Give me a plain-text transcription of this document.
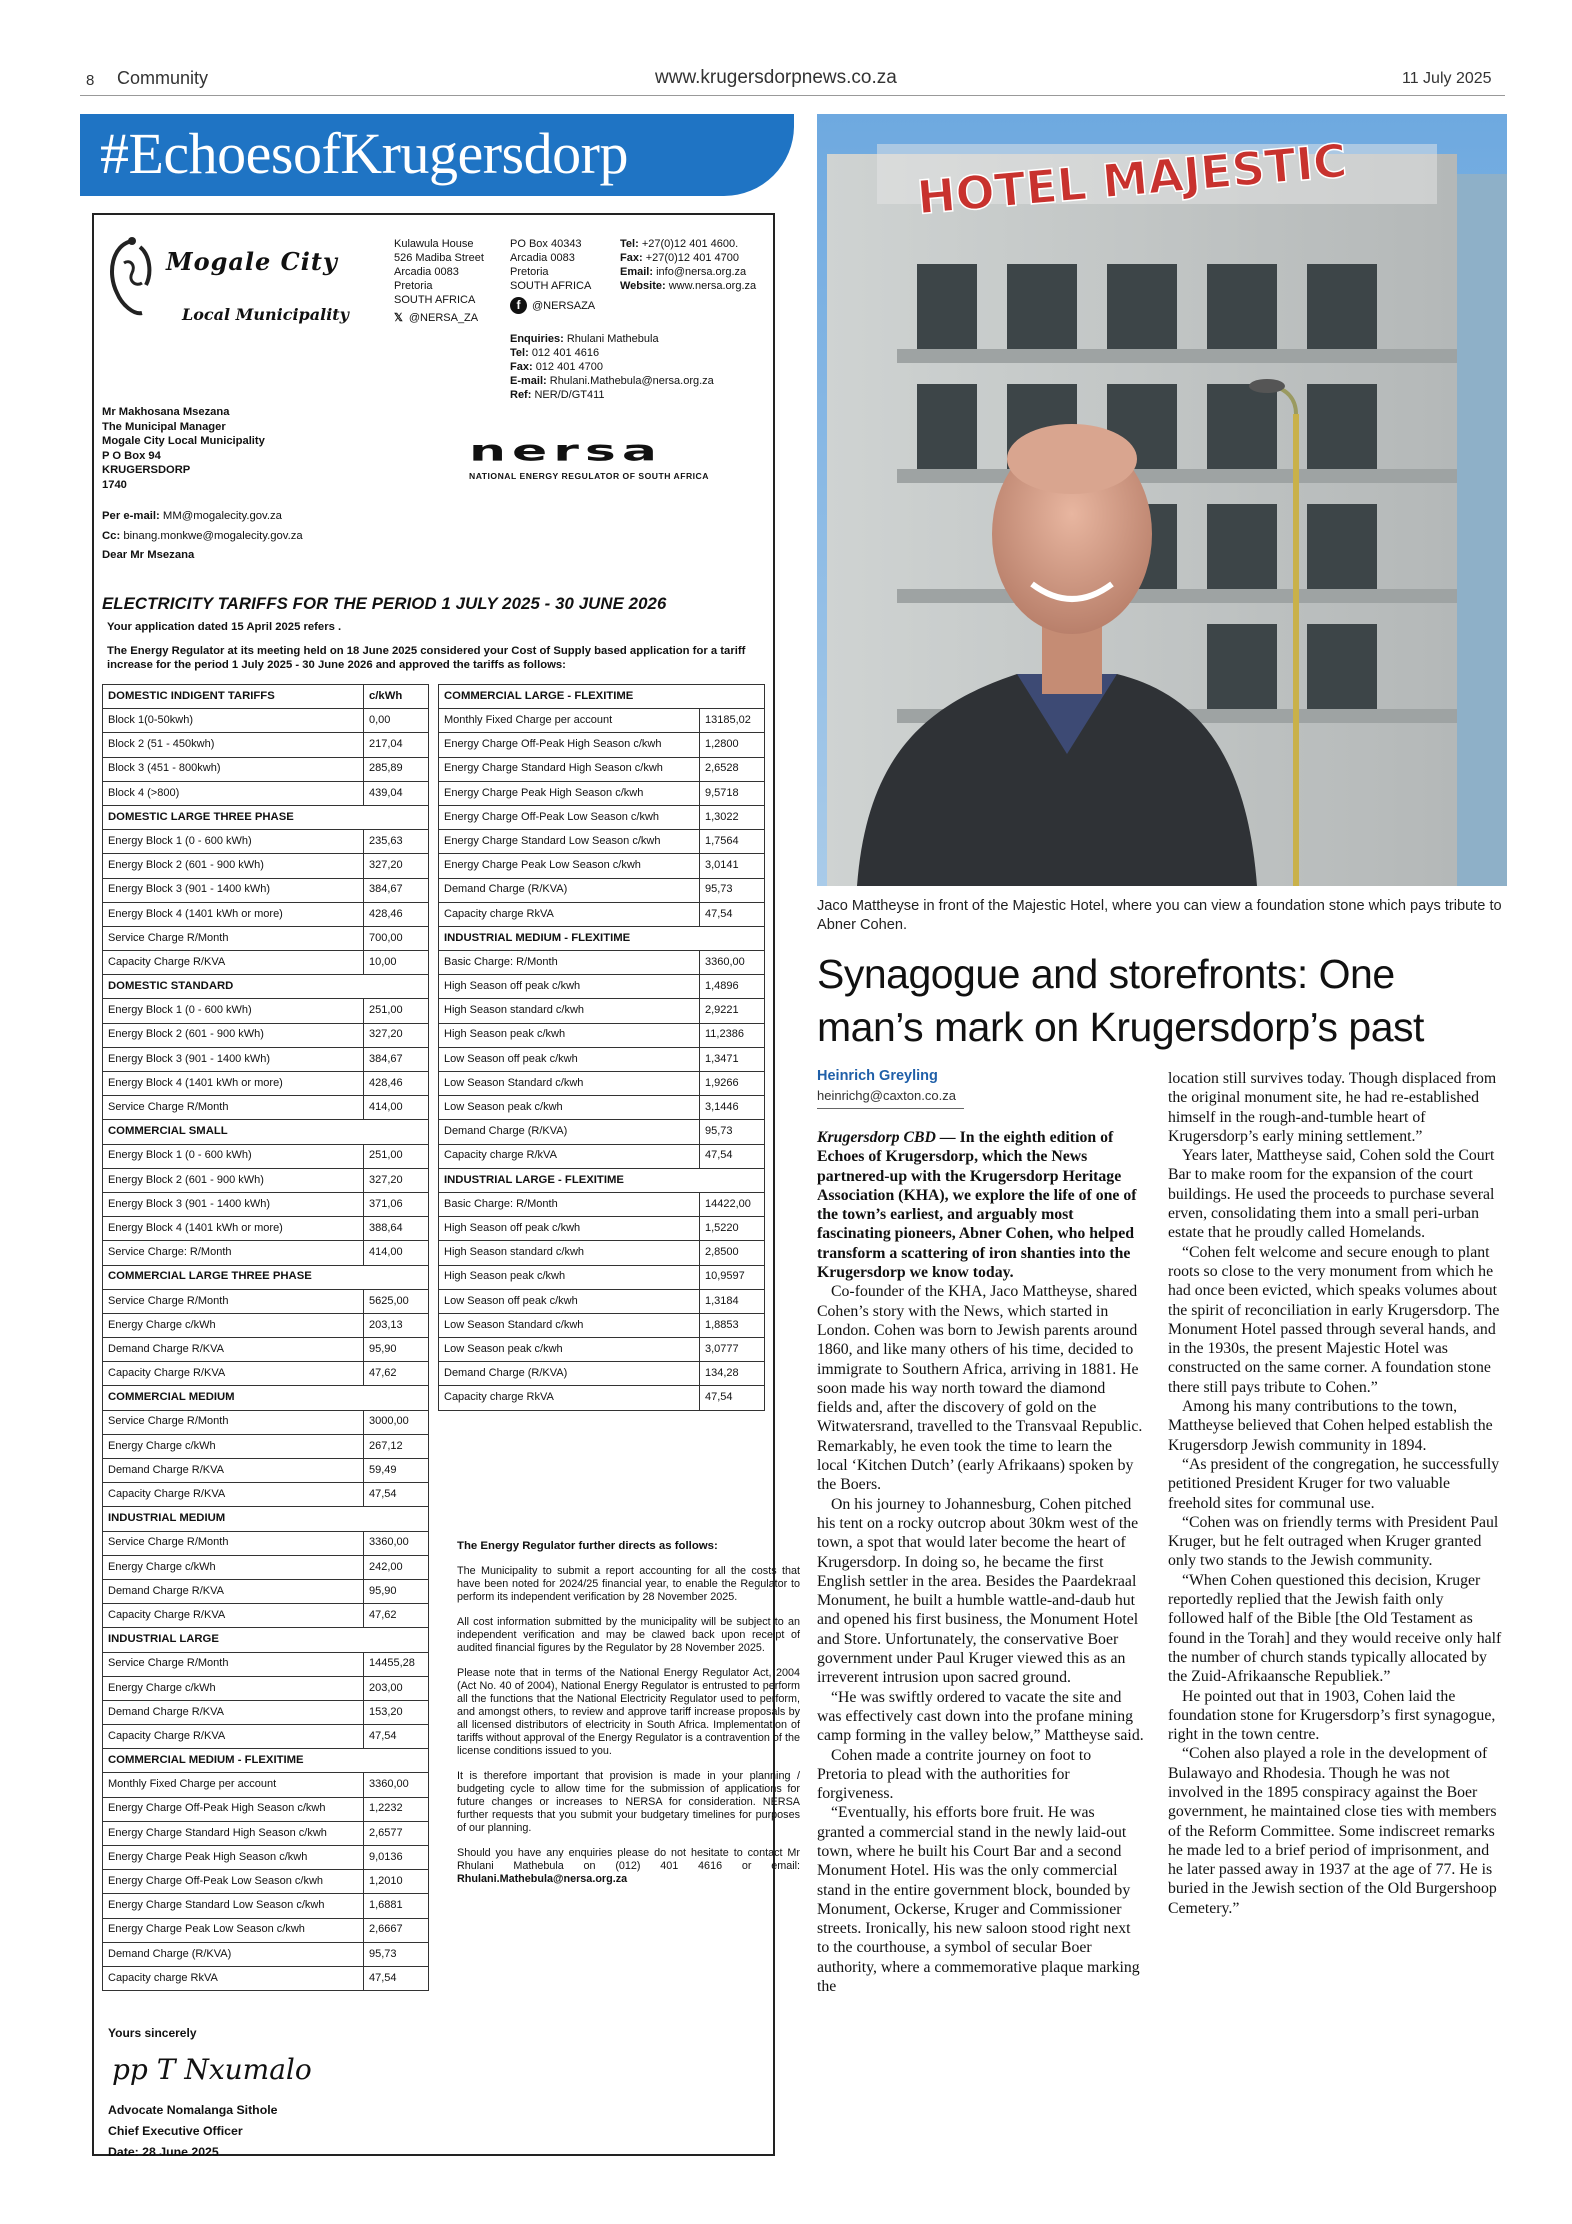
8 Community	www.krugersdorpnews.co.za	11 July 2025
#EchoesofKrugersdorp
Mogale City
Local Municipality
Kulawula House
526 Madiba Street
Arcadia 0083
Pretoria
SOUTH AFRICA
𝕏 @NERSA_ZA
PO Box 40343
Arcadia 0083
Pretoria
SOUTH AFRICA
f	@NERSAZA
Enquiries: Rhulani Mathebula
Tel: 012 401 4616
Fax: 012 401 4700
E-mail: Rhulani.Mathebula@nersa.org.za
Ref: NER/D/GT411
Tel: +27(0)12 401 4600.
Fax: +27(0)12 401 4700
Email: info@nersa.org.za
Website: www.nersa.org.za
nersa
NATIONAL ENERGY REGULATOR OF SOUTH AFRICA
Mr Makhosana Msezana
The Municipal Manager
Mogale City Local Municipality
P O Box 94
KRUGERSDORP
1740
Per e-mail: MM@mogalecity.gov.za
Cc: binang.monkwe@mogalecity.gov.za
Dear Mr Msezana
ELECTRICITY TARIFFS FOR THE PERIOD 1 JULY 2025 - 30 JUNE 2026
Your application dated 15 April 2025 refers .
The Energy Regulator at its meeting held on 18 June 2025 considered your Cost of Supply based application for a tariff increase for the period 1 July 2025 - 30 June 2026 and approved the tariffs as follows:
DOMESTIC INDIGENT TARIFFS	c/kWh
Block 1(0-50kwh)	0,00
Block 2 (51 - 450kwh)	217,04
Block 3 (451 - 800kwh)	285,89
Block 4 (>800)	439,04
DOMESTIC LARGE THREE PHASE	
Energy Block 1 (0 - 600 kWh)	235,63
Energy Block 2 (601 - 900 kWh)	327,20
Energy Block 3 (901 - 1400 kWh)	384,67
Energy Block 4 (1401 kWh or more)	428,46
Service Charge R/Month	700,00
Capacity Charge R/KVA	10,00
DOMESTIC STANDARD	
Energy Block 1 (0 - 600 kWh)	251,00
Energy Block 2 (601 - 900 kWh)	327,20
Energy Block 3 (901 - 1400 kWh)	384,67
Energy Block 4 (1401 kWh or more)	428,46
Service Charge R/Month	414,00
COMMERCIAL SMALL	
Energy Block 1 (0 - 600 kWh)	251,00
Energy Block 2 (601 - 900 kWh)	327,20
Energy Block 3 (901 - 1400 kWh)	371,06
Energy Block 4 (1401 kWh or more)	388,64
Service Charge: R/Month	414,00
COMMERCIAL LARGE THREE PHASE	
Service Charge R/Month	5625,00
Energy Charge c/kWh	203,13
Demand Charge R/KVA	95,90
Capacity Charge R/KVA	47,62
COMMERCIAL MEDIUM	
Service Charge R/Month	3000,00
Energy Charge c/kWh	267,12
Demand Charge R/KVA	59,49
Capacity Charge R/KVA	47,54
INDUSTRIAL MEDIUM	
Service Charge R/Month	3360,00
Energy Charge c/kWh	242,00
Demand Charge R/KVA	95,90
Capacity Charge R/KVA	47,62
INDUSTRIAL LARGE	
Service Charge R/Month	14455,28
Energy Charge c/kWh	203,00
Demand Charge R/KVA	153,20
Capacity Charge R/KVA	47,54
COMMERCIAL MEDIUM - FLEXITIME	
Monthly Fixed Charge per account	3360,00
Energy Charge Off-Peak High Season c/kwh	1,2232
Energy Charge Standard High Season c/kwh	2,6577
Energy Charge Peak High Season c/kwh	9,0136
Energy Charge Off-Peak Low Season c/kwh	1,2010
Energy Charge Standard Low Season c/kwh	1,6881
Energy Charge Peak Low Season c/kwh	2,6667
Demand Charge (R/KVA)	95,73
Capacity charge RkVA	47,54
COMMERCIAL LARGE - FLEXITIME	
Monthly Fixed Charge per account	13185,02
Energy Charge Off-Peak High Season c/kwh	1,2800
Energy Charge Standard High Season c/kwh	2,6528
Energy Charge Peak High Season c/kwh	9,5718
Energy Charge Off-Peak Low Season c/kwh	1,3022
Energy Charge Standard Low Season c/kwh	1,7564
Energy Charge Peak Low Season c/kwh	3,0141
Demand Charge (R/KVA)	95,73
Capacity charge RkVA	47,54
INDUSTRIAL MEDIUM - FLEXITIME	
Basic Charge: R/Month	3360,00
High Season off peak c/kwh	1,4896
High Season standard c/kwh	2,9221
High Season peak c/kwh	11,2386
Low Season off peak c/kwh	1,3471
Low Season Standard c/kwh	1,9266
Low Season peak c/kwh	3,1446
Demand Charge (R/KVA)	95,73
Capacity charge R/kVA	47,54
INDUSTRIAL LARGE - FLEXITIME	
Basic Charge: R/Month	14422,00
High Season off peak c/kwh	1,5220
High Season standard c/kwh	2,8500
High Season peak c/kwh	10,9597
Low Season off peak c/kwh	1,3184
Low Season Standard c/kwh	1,8853
Low Season peak c/kwh	3,0777
Demand Charge (R/KVA)	134,28
Capacity charge RkVA	47,54
Yours sincerely
pp T Nxumalo
Advocate Nomalanga Sithole
Chief Executive Officer
Date: 28 June 2025

The Energy Regulator further directs as follows:

The Municipality to submit a report accounting for all the costs that have been noted for 2024/25 financial year, to enable the Regulator to perform its independent verification by 28 November 2025.

All cost information submitted by the municipality will be subject to an independent verification and may be clawed back upon receipt of audited financial figures by the Regulator by 28 November 2025.

Please note that in terms of the National Energy Regulator Act, 2004 (Act No. 40 of 2004), National Energy Regulator is entrusted to perform all the functions that the National Electricity Regulator used to perform, and amongst others, to review and approve tariff increase proposals by all licensed distributors of electricity in South Africa. Implementation of tariffs without approval of the Energy Regulator is a contravention of the license conditions issued to you.

It is therefore important that provision is made in your planning / budgeting cycle to allow time for the submission of applications for future changes or increases to NERSA for consideration. NERSA further requests that you submit your budgetary timelines for purposes of our planning.

Should you have any enquiries please do not hesitate to contact Mr Rhulani Mathebula on (012) 401 4616 or email: Rhulani.Mathebula@nersa.org.za

HOTEL MAJESTIC
Jaco Mattheyse in front of the Majestic Hotel, where you can view a foundation stone which pays tribute to Abner Cohen.
Synagogue and storefronts: One man’s mark on Krugersdorp’s past
Heinrich Greyling
heinrichg@caxton.co.za

Krugersdorp CBD — In the eighth edition of Echoes of Krugersdorp, which the News partnered-up with the Krugersdorp Heritage Association (KHA), we explore the life of one of the town’s earliest, and arguably most fascinating pioneers, Abner Cohen, who helped transform a scattering of iron shanties into the Krugersdorp we know today.

Co-founder of the KHA, Jaco Mattheyse, shared Cohen’s story with the News, which started in London. Cohen was born to Jewish parents around 1860, and like many others of his time, decided to immigrate to Southern Africa, arriving in 1881. He soon made his way north toward the diamond fields and, after the discovery of gold on the Witwatersrand, travelled to the Transvaal Republic. Remarkably, he even took the time to learn the local ‘Kitchen Dutch’ (early Afrikaans) spoken by the Boers.

On his journey to Johannesburg, Cohen pitched his tent on a rocky outcrop about 30km west of the town, a spot that would later become the heart of Krugersdorp. In doing so, he became the first English settler in the area. Besides the Paardekraal Monument, he built a humble wattle-and-daub hut and opened his first business, the Monument Hotel and Store. Unfortunately, the conservative Boer government under Paul Kruger viewed this as an irreverent intrusion upon sacred ground.

“He was swiftly ordered to vacate the site and was effectively cast down into the profane mining camp forming in the valley below,” Mattheyse said.

Cohen made a contrite journey on foot to Pretoria to plead with the authorities for forgiveness.

“Eventually, his efforts bore fruit. He was granted a commercial stand in the newly laid-out town, where he built his Court Bar and a second Monument Hotel. His was the only commercial stand in the entire government block, bounded by Monument, Ockerse, Kruger and Commissioner streets. Ironically, his new saloon stood right next to the courthouse, a symbol of secular Boer authority, where a commemorative plaque marking the

location still survives today. Though displaced from the original monument site, he had re-established himself in the rough-and-tumble heart of Krugersdorp’s early mining settlement.”

Years later, Mattheyse said, Cohen sold the Court Bar to make room for the expansion of the court buildings. He used the proceeds to purchase several erven, consolidating them into a small peri-urban estate that he proudly called Homelands.

“Cohen felt welcome and secure enough to plant roots so close to the very monument from which he had once been evicted, which speaks volumes about the spirit of reconciliation in early Krugersdorp. The Monument Hotel passed through several hands, and in the 1930s, the present Majestic Hotel was constructed on the same corner. A foundation stone there still pays tribute to Cohen.”

Among his many contributions to the town, Mattheyse believed that Cohen helped establish the Krugersdorp Jewish community in 1894.

“As president of the congregation, he successfully petitioned President Kruger for two valuable freehold sites for communal use.

“Cohen was on friendly terms with President Paul Kruger, but he felt outraged when Kruger granted only two stands to the Jewish community.

“When Cohen questioned this decision, Kruger reportedly replied that the Jewish faith only followed half of the Bible [the Old Testament as found in the Torah] and they would receive only half the number of church stands typically allocated by the Zuid-Afrikaansche Republiek.”

He pointed out that in 1903, Cohen laid the foundation stone for Krugersdorp’s first synagogue, right in the town centre.

“Cohen also played a role in the development of Bulawayo and Rhodesia. Though he was not involved in the 1895 conspiracy against the Boer government, he maintained close ties with members of the Reform Committee. Some indiscreet remarks he made led to a brief period of imprisonment, and he later passed away in 1937 at the age of 77. He is buried in the Jewish section of the Old Burgershoop Cemetery.”
